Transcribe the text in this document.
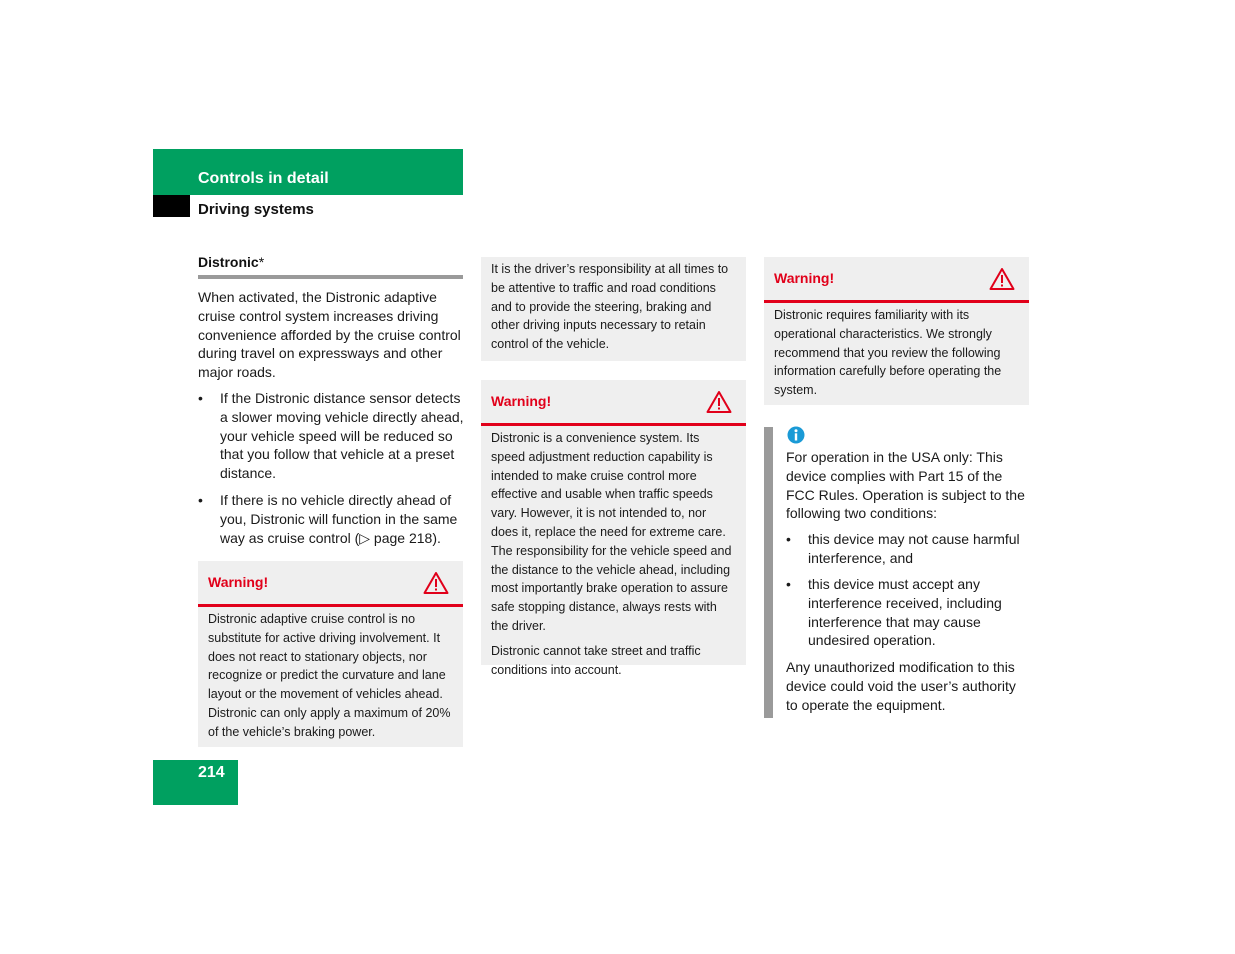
Controls in detail
Driving systems
Distronic*
When activated, the Distronic adaptive cruise control system increases driving convenience afforded by the cruise control during travel on expressways and other major roads.
• If the Distronic distance sensor detects a slower moving vehicle directly ahead, your vehicle speed will be reduced so that you follow that vehicle at a preset distance.
• If there is no vehicle directly ahead of you, Distronic will function in the same way as cruise control (▷ page 218).
Warning!
Distronic adaptive cruise control is no substitute for active driving involvement. It does not react to stationary objects, nor recognize or predict the curvature and lane layout or the movement of vehicles ahead. Distronic can only apply a maximum of 20% of the vehicle’s braking power.
It is the driver’s responsibility at all times to be attentive to traffic and road conditions and to provide the steering, braking and other driving inputs necessary to retain control of the vehicle.
Warning!
Distronic is a convenience system. Its speed adjustment reduction capability is intended to make cruise control more effective and usable when traffic speeds vary. However, it is not intended to, nor does it, replace the need for extreme care. The responsibility for the vehicle speed and the distance to the vehicle ahead, including most importantly brake operation to assure safe stopping distance, always rests with the driver.
Distronic cannot take street and traffic conditions into account.
Warning!
Distronic requires familiarity with its operational characteristics. We strongly recommend that you review the following information carefully before operating the system.
For operation in the USA only: This device complies with Part 15 of the FCC Rules. Operation is subject to the following two conditions:
• this device may not cause harmful interference, and
• this device must accept any interference received, including interference that may cause undesired operation.
Any unauthorized modification to this device could void the user’s authority to operate the equipment.
214
